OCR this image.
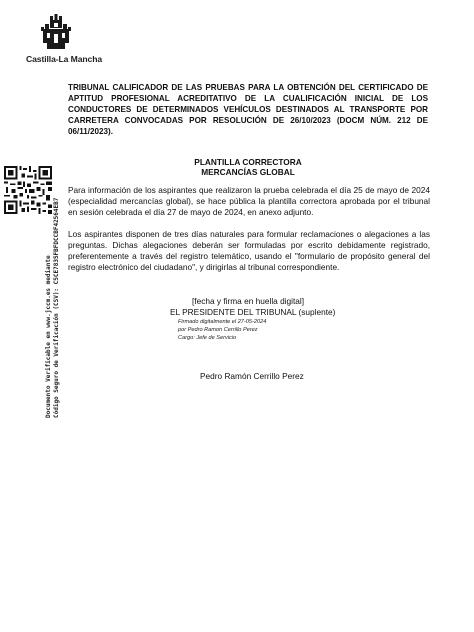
Castilla-La Mancha
TRIBUNAL CALIFICADOR DE LAS PRUEBAS PARA LA OBTENCIÓN DEL CERTIFICADO DE APTITUD PROFESIONAL ACREDITATIVO DE LA CUALIFICACIÓN INICIAL DE LOS CONDUCTORES DE DETERMINADOS VEHÍCULOS DESTINADOS AL TRANSPORTE POR CARRETERA CONVOCADAS POR RESOLUCIÓN DE 26/10/2023 (DOCM NÚM. 212 DE 06/11/2023).
PLANTILLA CORRECTORA
MERCANCÍAS GLOBAL

Para información de los aspirantes que realizaron la prueba celebrada el día 25 de mayo de 2024 (especialidad mercancías global), se hace pública la plantilla correctora aprobada por el tribunal en sesión celebrada el día 27 de mayo de 2024, en anexo adjunto.

Los aspirantes disponen de tres días naturales para formular reclamaciones o alegaciones a las preguntas. Dichas alegaciones deberán ser formuladas por escrito debidamente registrado, preferentemente a través del registro telemático, usando el "formulario de propósito general del registro electrónico del ciudadano", y dirigirlas al tribunal correspondiente.

[fecha y firma en huella digital]
EL PRESIDENTE DEL TRIBUNAL (suplente)
Firmado digitalmente el 27-05-2024
por Pedro Ramon Cerrillo Perez
Cargo: Jefe de Servicio
Pedro Ramón Cerrillo Perez
Documento Verificable en www.jccm.es mediante Código Seguro de Verificación (CSV): C5CE7835FBFDCCBF42564EB7
